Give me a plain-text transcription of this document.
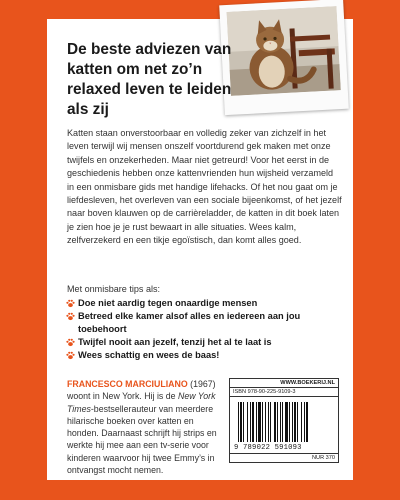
De beste adviezen van katten om net zo’n relaxed leven te leiden als zij

Katten staan onverstoorbaar en volledig zeker van zichzelf in het leven terwijl wij mensen onszelf voortdurend gek maken met onze twijfels en onzekerheden. Maar niet getreurd! Voor het eerst in de geschiedenis hebben onze kattenvrienden hun wijsheid verzameld in een onmisbare gids met handige lifehacks. Of het nou gaat om je liefdesleven, het overleven van een sociale bijeenkomst, of het jezelf naar boven klauwen op de carrièreladder, de katten in dit boek laten je zien hoe je je rust bewaart in alle situaties. Wees kalm, zelfverzekerd en een tikje egoïstisch, dan komt alles goed.

Met onmisbare tips als:

Doe niet aardig tegen onaardige mensen
Betreed elke kamer alsof alles en iedereen aan jou toebehoort
Twijfel nooit aan jezelf, tenzij het al te laat is
Wees schattig en wees de baas!

FRANCESCO MARCIULIANO (1967) woont in New York. Hij is de New York Times-bestsellerauteur van meerdere hilarische boeken over katten en honden. Daarnaast schrijft hij strips en werkte hij mee aan een tv-serie voor kinderen waarvoor hij twee Emmy’s in ontvangst mocht nemen.

WWW.BOEKERIJ.NL
ISBN 978-90-225-9109-3
9 789022 591093
NUR 370
